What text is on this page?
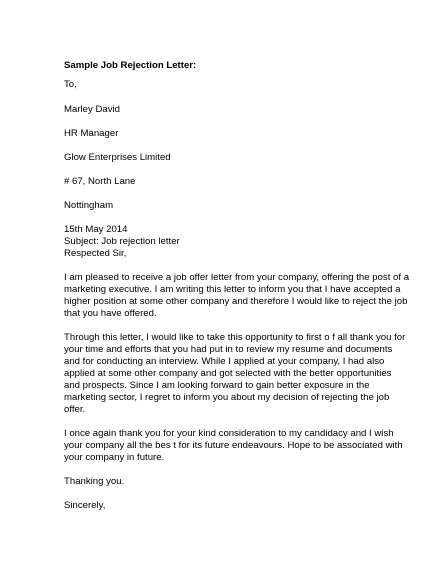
Sample Job Rejection Letter:

To,

Marley David

HR Manager

Glow Enterprises Limited

# 67, North Lane

Nottingham

15th May 2014

Subject: Job rejection letter

Respected Sir,

I am pleased to receive a job offer letter from your company, offering the post of a
marketing executive. I am writing this letter to inform you that I have accepted a
higher position at some other company and therefore I would like to reject the job
that you have offered.
Through this letter, I would like to take this opportunity to first o f all thank you for
your time and efforts that you had put in to review my resume and documents
and for conducting an interview. While I applied at your company, I had also
applied at some other company and got selected with the better opportunities
and prospects. Since I am looking forward to gain better exposure in the
marketing sector, I regret to inform you about my decision of rejecting the job
offer.
I once again thank you for your kind consideration to my candidacy and I wish
your company all the bes t for its future endeavours. Hope to be associated with
your company in future.

Thanking you.

Sincerely,
